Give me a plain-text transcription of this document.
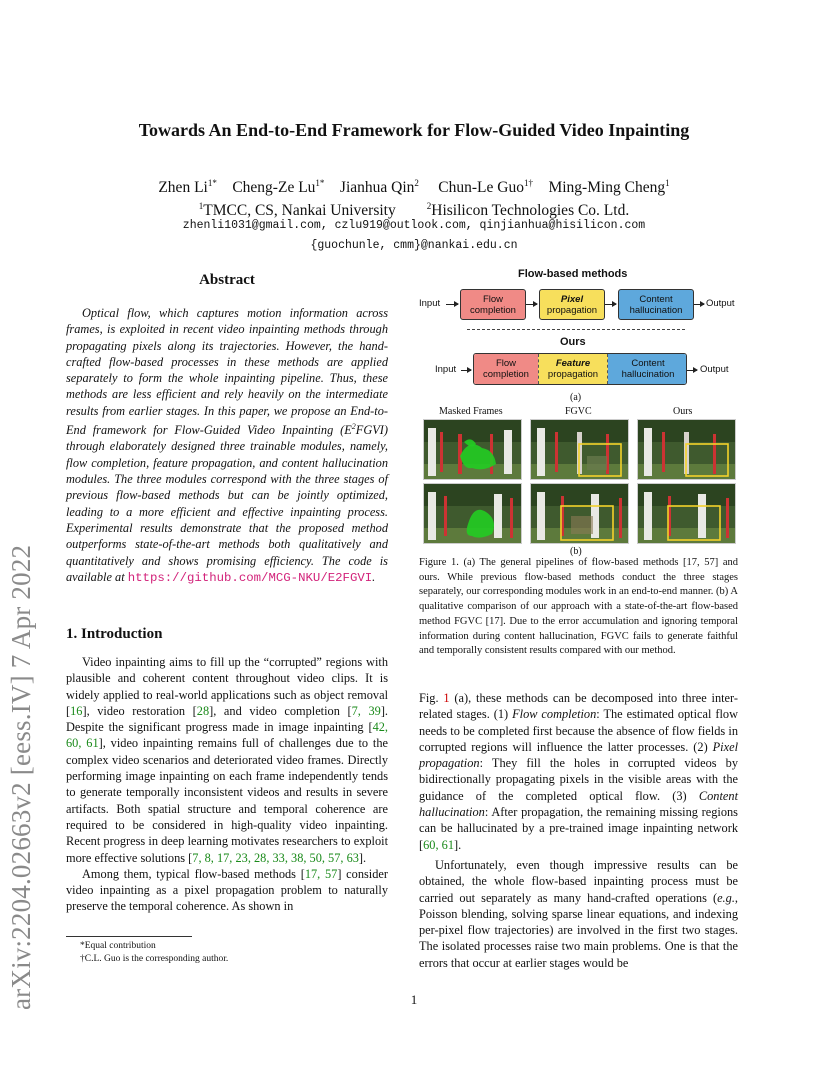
arXiv:2204.02663v2 [eess.IV] 7 Apr 2022
Towards An End-to-End Framework for Flow-Guided Video Inpainting
Zhen $Li^{1*}$ Cheng-Ze $Lu^{1*}$ Jianhua Qin$^2$ Chun-Le Guo$^{1\dagger}$ Ming-Ming Cheng$^1$
$^1$TMCC, CS, Nankai University	$^2$Hisilicon Technologies Co. Ltd.
zhenli1031@gmail.com, czlu919@outlook.com, qinjianhua@hisilicon.com
{guochunle, cmm}@nankai.edu.cn
Abstract

Optical flow, which captures motion information across frames, is exploited in recent video inpainting methods through propagating pixels along its trajectories. However, the hand-crafted flow-based processes in these methods are applied separately to form the whole inpainting pipeline. Thus, these methods are less efficient and rely heavily on the intermediate results from earlier stages. In this paper, we propose an End-to-End framework for Flow-Guided Video Inpainting $(E^2FGVI)$ through elaborately designed three trainable modules, namely, flow completion, feature propagation, and content hallucination modules. The three modules correspond with the three stages of previous flow-based methods but can be jointly optimized, leading to a more efficient and effective inpainting process. Experimental results demonstrate that the proposed method outperforms state-of-the-art methods both qualitatively and quantitatively and shows promising efficiency. The code is available at https://github.com/MCG-NKU/E2FGVI.

1. Introduction

Video inpainting aims to fill up the “corrupted” regions with plausible and coherent content throughout video clips. It is widely applied to real-world applications such as object removal [16], video restoration [28], and video completion [7, 39]. Despite the significant progress made in image inpainting [42, 60, 61], video inpainting remains full of challenges due to the complex video scenarios and deteriorated video frames. Directly performing image inpainting on each frame independently tends to generate temporally inconsistent videos and results in severe artifacts. Both spatial structure and temporal coherence are required to be considered in high-quality video inpainting. Recent progress in deep learning motivates researchers to exploit more effective solutions [7, 8, 17, 23, 28, 33, 38, 50, 57, 63].

Among them, typical flow-based methods [17, 57] consider video inpainting as a pixel propagation problem to naturally preserve the temporal coherence. As shown in

*Equal contribution
†C.L. Guo is the corresponding author.
1
Flow-based methods
Input	Flow
completion
Pixel
propagation
Content
hallucination
Output
Ours
Input
Flow
completion
Feature
propagation
Content
hallucination	Output
(a)
Masked Frames	FGVC	Ours
(b)
Figure 1. (a) The general pipelines of flow-based methods [17, 57] and ours. While previous flow-based methods conduct the three stages separately, our corresponding modules work in an end-to-end manner. (b) A qualitative comparison of our approach with a state-of-the-art flow-based method FGVC [17]. Due to the error accumulation and ignoring temporal information during content hallucination, FGVC fails to generate faithful and temporally consistent results compared with our method.

Fig. 1 (a), these methods can be decomposed into three inter-related stages. (1) Flow completion: The estimated optical flow needs to be completed first because the absence of flow fields in corrupted regions will influence the latter processes. (2) Pixel propagation: They fill the holes in corrupted videos by bidirectionally propagating pixels in the visible areas with the guidance of the completed optical flow. (3) Content hallucination: After propagation, the remaining missing regions can be hallucinated by a pre-trained image inpainting network [60, 61].

Unfortunately, even though impressive results can be obtained, the whole flow-based inpainting process must be carried out separately as many hand-crafted operations (e.g., Poisson blending, solving sparse linear equations, and indexing per-pixel flow trajectories) are involved in the first two stages. The isolated processes raise two main problems. One is that the errors that occur at earlier stages would be
